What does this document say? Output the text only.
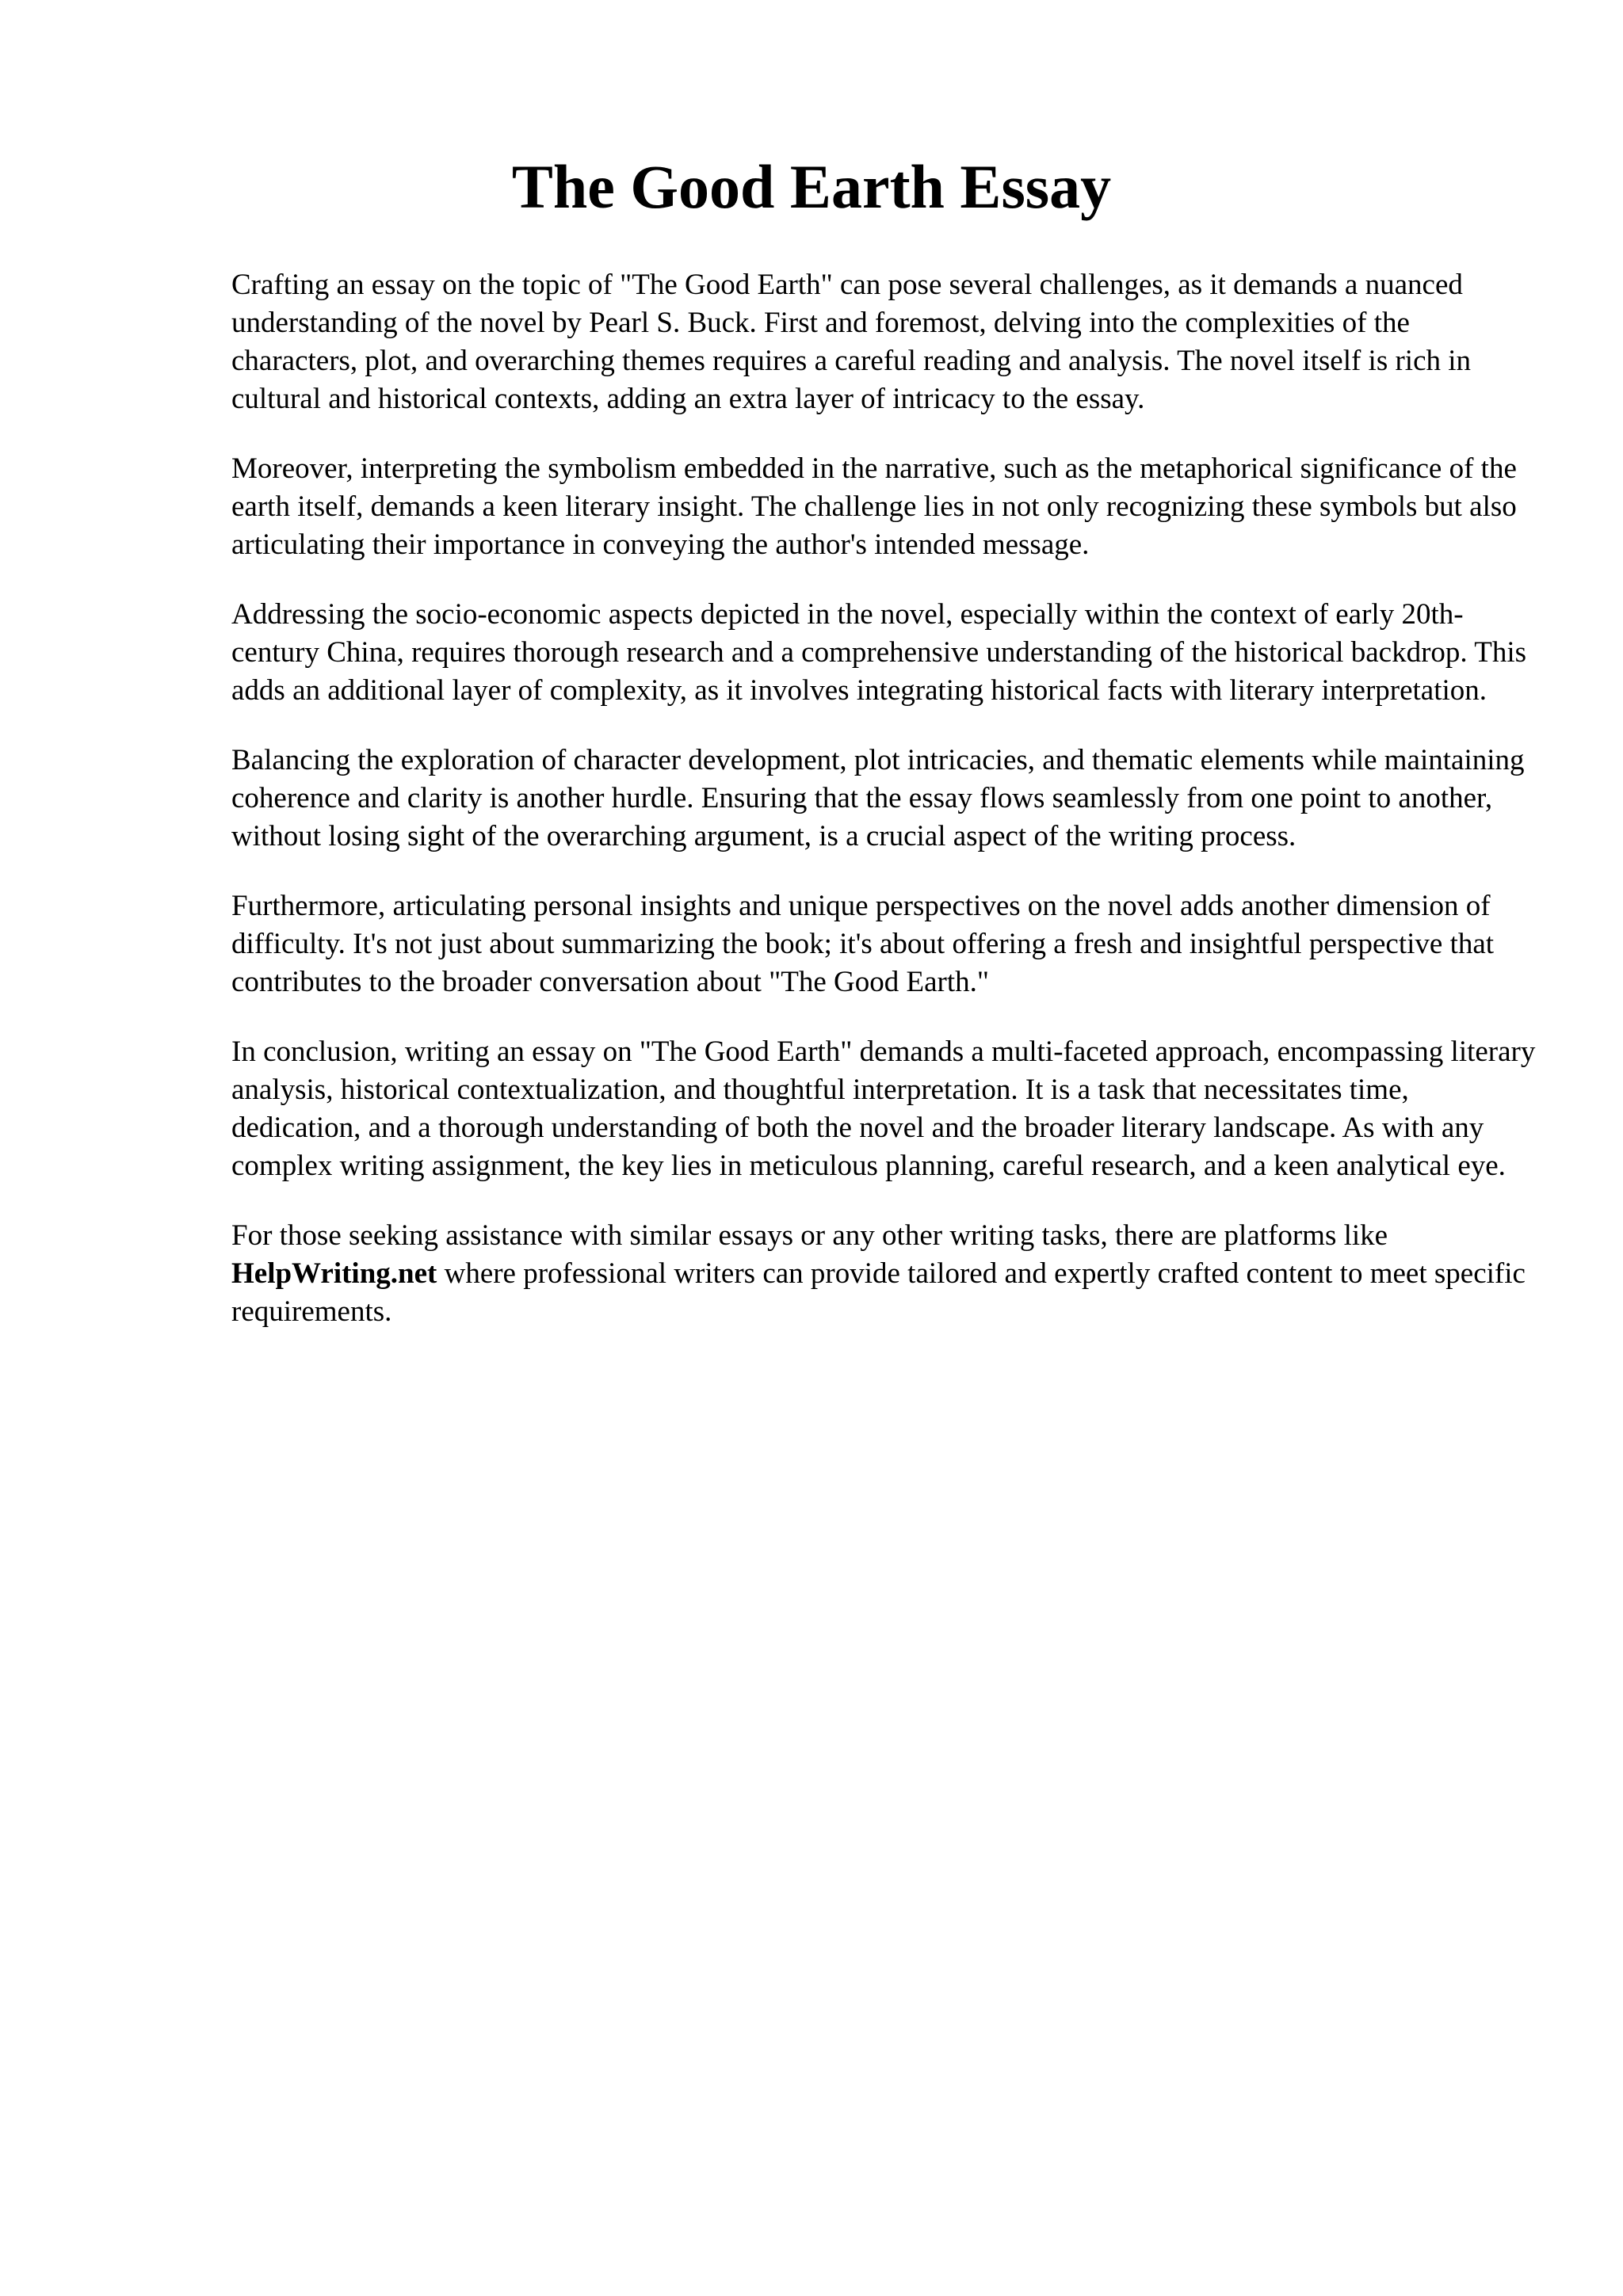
The Good Earth Essay

Crafting an essay on the topic of "The Good Earth" can pose several challenges, as it demands a nuanced understanding of the novel by Pearl S. Buck. First and foremost, delving into the complexities of the characters, plot, and overarching themes requires a careful reading and analysis. The novel itself is rich in cultural and historical contexts, adding an extra layer of intricacy to the essay.

Moreover, interpreting the symbolism embedded in the narrative, such as the metaphorical significance of the earth itself, demands a keen literary insight. The challenge lies in not only recognizing these symbols but also articulating their importance in conveying the author's intended message.

Addressing the socio-economic aspects depicted in the novel, especially within the context of early 20th-century China, requires thorough research and a comprehensive understanding of the historical backdrop. This adds an additional layer of complexity, as it involves integrating historical facts with literary interpretation.

Balancing the exploration of character development, plot intricacies, and thematic elements while maintaining coherence and clarity is another hurdle. Ensuring that the essay flows seamlessly from one point to another, without losing sight of the overarching argument, is a crucial aspect of the writing process.

Furthermore, articulating personal insights and unique perspectives on the novel adds another dimension of difficulty. It's not just about summarizing the book; it's about offering a fresh and insightful perspective that contributes to the broader conversation about "The Good Earth."

In conclusion, writing an essay on "The Good Earth" demands a multi-faceted approach, encompassing literary analysis, historical contextualization, and thoughtful interpretation. It is a task that necessitates time, dedication, and a thorough understanding of both the novel and the broader literary landscape. As with any complex writing assignment, the key lies in meticulous planning, careful research, and a keen analytical eye.

For those seeking assistance with similar essays or any other writing tasks, there are platforms like HelpWriting.net where professional writers can provide tailored and expertly crafted content to meet specific requirements.
